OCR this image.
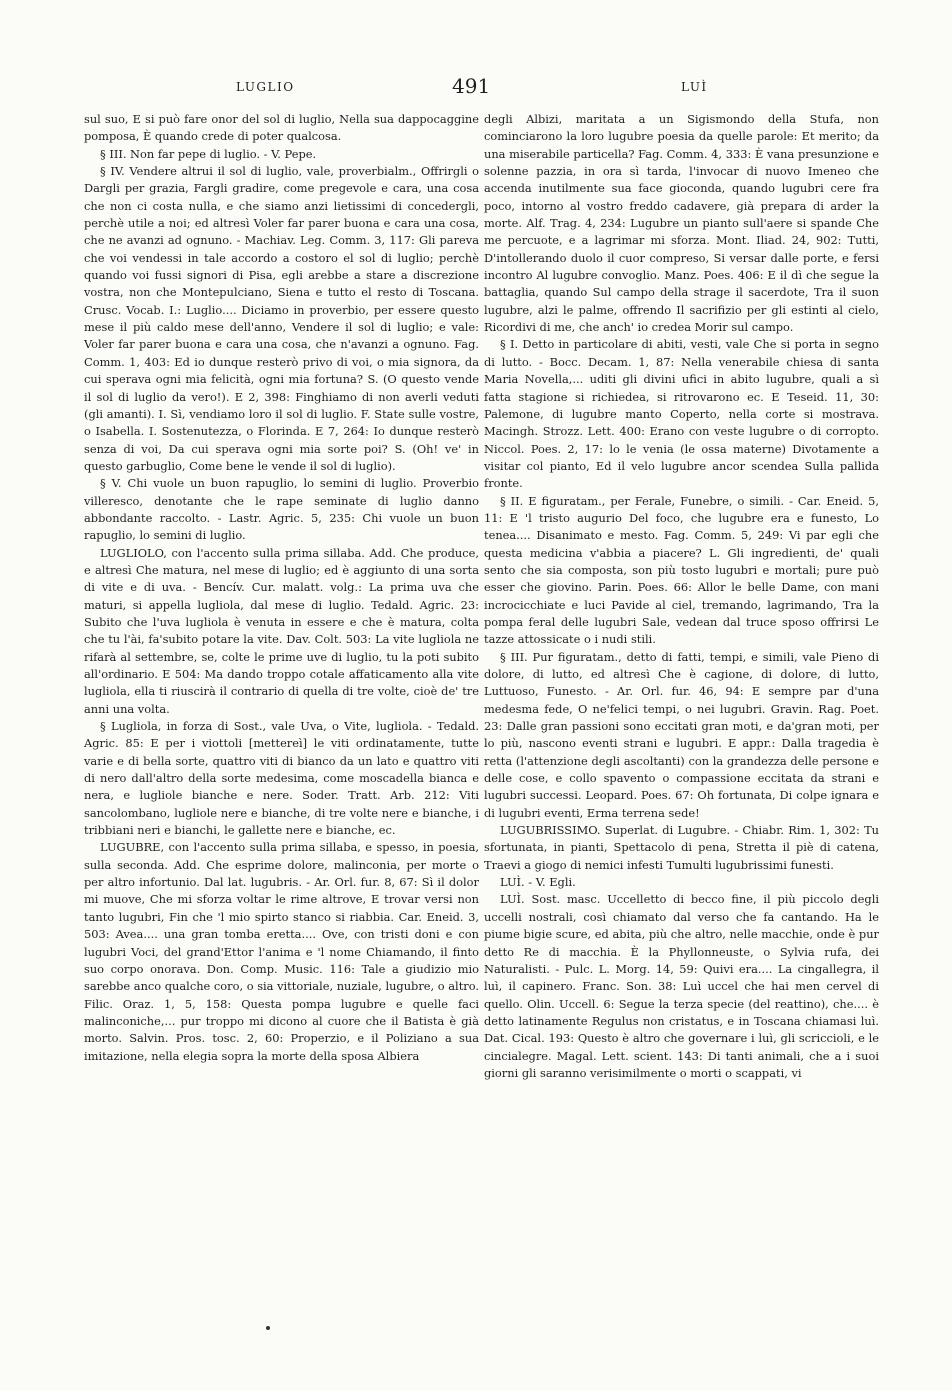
LUGLIO	491	LUÌ

sul suo, E si può fare onor del sol di luglio, Nella sua dappocaggine pomposa, È quando crede di poter qualcosa.

§ III. Non far pepe di luglio. - V. Pepe.

§ IV. Vendere altrui il sol di luglio, vale, proverbialm., Offrirgli o Dargli per grazia, Fargli gradire, come pregevole e cara, una cosa che non ci costa nulla, e che siamo anzi lietissimi di concedergli, perchè utile a noi; ed altresì Voler far parer buona e cara una cosa, che ne avanzi ad ognuno. - Machiav. Leg. Comm. 3, 117: Gli pareva che voi vendessi in tale accordo a costoro el sol di luglio; perchè quando voi fussi signori di Pisa, egli arebbe a stare a discrezione vostra, non che Montepulciano, Siena e tutto el resto di Toscana. Crusc. Vocab. I.: Luglio.... Diciamo in proverbio, per essere questo mese il più caldo mese dell'anno, Vendere il sol di luglio; e vale: Voler far parer buona e cara una cosa, che n'avanzi a ognuno. Fag. Comm. 1, 403: Ed io dunque resterò privo di voi, o mia signora, da cui sperava ogni mia felicità, ogni mia fortuna? S. (O questo vende il sol di luglio da vero!). E 2, 398: Finghiamo di non averli veduti (gli amanti). I. Sì, vendiamo loro il sol di luglio. F. State sulle vostre, o Isabella. I. Sostenutezza, o Florinda. E 7, 264: Io dunque resterò senza di voi, Da cui sperava ogni mia sorte poi? S. (Oh! ve' in questo garbuglio, Come bene le vende il sol di luglio).

§ V. Chi vuole un buon rapuglio, lo semini di luglio. Proverbio villeresco, denotante che le rape seminate di luglio danno abbondante raccolto. - Lastr. Agric. 5, 235: Chi vuole un buon rapuglio, lo semini di luglio.

LUGLIOLO, con l'accento sulla prima sillaba. Add. Che produce, e altresì Che matura, nel mese di luglio; ed è aggiunto di una sorta di vite e di uva. - Bencív. Cur. malatt. volg.: La prima uva che maturi, si appella lugliola, dal mese di luglio. Tedald. Agric. 23: Subito che l'uva lugliola è venuta in essere e che è matura, colta che tu l'ài, fa'subito potare la vite. Dav. Colt. 503: La vite lugliola ne rifarà al settembre, se, colte le prime uve di luglio, tu la poti subito all'ordinario. E 504: Ma dando troppo cotale affaticamento alla vite lugliola, ella ti riuscirà il contrario di quella di tre volte, cioè de' tre anni una volta.

§ Lugliola, in forza di Sost., vale Uva, o Vite, lugliola. - Tedald. Agric. 85: E per i viottoli [mettereì] le viti ordinatamente, tutte varie e di bella sorte, quattro viti di bianco da un lato e quattro viti di nero dall'altro della sorte medesima, come moscadella bianca e nera, e lugliole bianche e nere. Soder. Tratt. Arb. 212: Viti sancolombano, lugliole nere e bianche, di tre volte nere e bianche, i tribbiani neri e bianchi, le gallette nere e bianche, ec.

LUGUBRE, con l'accento sulla prima sillaba, e spesso, in poesia, sulla seconda. Add. Che esprime dolore, malinconia, per morte o per altro infortunio. Dal lat. lugubris. - Ar. Orl. fur. 8, 67: Sì il dolor mi muove, Che mi sforza voltar le rime altrove, E trovar versi non tanto lugubri, Fin che 'l mio spirto stanco si riabbia. Car. Eneid. 3, 503: Avea.... una gran tomba eretta.... Ove, con tristi doni e con lugubri Voci, del grand'Ettor l'anima e 'l nome Chiamando, il finto suo corpo onorava. Don. Comp. Music. 116: Tale a giudizio mio sarebbe anco qualche coro, o sia vittoriale, nuziale, lugubre, o altro. Filic. Oraz. 1, 5, 158: Questa pompa lugubre e quelle faci malinconiche,... pur troppo mi dicono al cuore che il Batista è già morto. Salvin. Pros. tosc. 2, 60: Properzio, e il Poliziano a sua imitazione, nella elegia sopra la morte della sposa Albiera

degli Albizi, maritata a un Sigismondo della Stufa, non cominciarono la loro lugubre poesia da quelle parole: Et merito; da una miserabile particella? Fag. Comm. 4, 333: È vana presunzione e solenne pazzia, in ora sì tarda, l'invocar di nuovo Imeneo che accenda inutilmente sua face gioconda, quando lugubri cere fra poco, intorno al vostro freddo cadavere, già prepara di arder la morte. Alf. Trag. 4, 234: Lugubre un pianto sull'aere si spande Che me percuote, e a lagrimar mi sforza. Mont. Iliad. 24, 902: Tutti, D'intollerando duolo il cuor compreso, Si versar dalle porte, e fersi incontro Al lugubre convoglio. Manz. Poes. 406: E il dì che segue la battaglia, quando Sul campo della strage il sacerdote, Tra il suon lugubre, alzi le palme, offrendo Il sacrifizio per gli estinti al cielo, Ricordivi di me, che anch' io credea Morir sul campo.

§ I. Detto in particolare di abiti, vesti, vale Che si porta in segno di lutto. - Bocc. Decam. 1, 87: Nella venerabile chiesa di santa Maria Novella,... uditi gli divini ufici in abito lugubre, quali a sì fatta stagione si richiedea, si ritrovarono ec. E Teseid. 11, 30: Palemone, di lugubre manto Coperto, nella corte si mostrava. Macingh. Strozz. Lett. 400: Erano con veste lugubre o di corropto. Niccol. Poes. 2, 17: lo le venia (le ossa materne) Divotamente a visitar col pianto, Ed il velo lugubre ancor scendea Sulla pallida fronte.

§ II. E figuratam., per Ferale, Funebre, o simili. - Car. Eneid. 5, 11: E 'l tristo augurio Del foco, che lugubre era e funesto, Lo tenea.... Disanimato e mesto. Fag. Comm. 5, 249: Vi par egli che questa medicina v'abbia a piacere? L. Gli ingredienti, de' quali sento che sia composta, son più tosto lugubri e mortali; pure può esser che giovino. Parin. Poes. 66: Allor le belle Dame, con mani incrocicchiate e luci Pavide al ciel, tremando, lagrimando, Tra la pompa feral delle lugubri Sale, vedean dal truce sposo offrirsi Le tazze attossicate o i nudi stili.

§ III. Pur figuratam., detto di fatti, tempi, e simili, vale Pieno di dolore, di lutto, ed altresì Che è cagione, di dolore, di lutto, Luttuoso, Funesto. - Ar. Orl. fur. 46, 94: E sempre par d'una medesma fede, O ne'felici tempi, o nei lugubri. Gravin. Rag. Poet. 23: Dalle gran passioni sono eccitati gran moti, e da'gran moti, per lo più, nascono eventi strani e lugubri. E appr.: Dalla tragedia è retta (l'attenzione degli ascoltanti) con la grandezza delle persone e delle cose, e collo spavento o compassione eccitata da strani e lugubri successi. Leopard. Poes. 67: Oh fortunata, Di colpe ignara e di lugubri eventi, Erma terrena sede!

LUGUBRISSIMO. Superlat. di Lugubre. - Chiabr. Rim. 1, 302: Tu sfortunata, in pianti, Spettacolo di pena, Stretta il piè di catena, Traevi a giogo di nemici infesti Tumulti lugubrissimi funesti.

LUÌ. - V. Egli.

LUÌ. Sost. masc. Uccelletto di becco fine, il più piccolo degli uccelli nostrali, così chiamato dal verso che fa cantando. Ha le piume bigie scure, ed abita, più che altro, nelle macchie, onde è pur detto Re di macchia. È la Phyllonneuste, o Sylvia rufa, dei Naturalisti. - Pulc. L. Morg. 14, 59: Quivi era.... La cingallegra, il luì, il capinero. Franc. Son. 38: Luì uccel che hai men cervel di quello. Olin. Uccell. 6: Segue la terza specie (del reattino), che.... è detto latinamente Regulus non cristatus, e in Toscana chiamasi luì. Dat. Cical. 193: Questo è altro che governare i luì, gli scriccioli, e le cincialegre. Magal. Lett. scient. 143: Di tanti animali, che a i suoi giorni gli saranno verisimilmente o morti o scappati, vi
